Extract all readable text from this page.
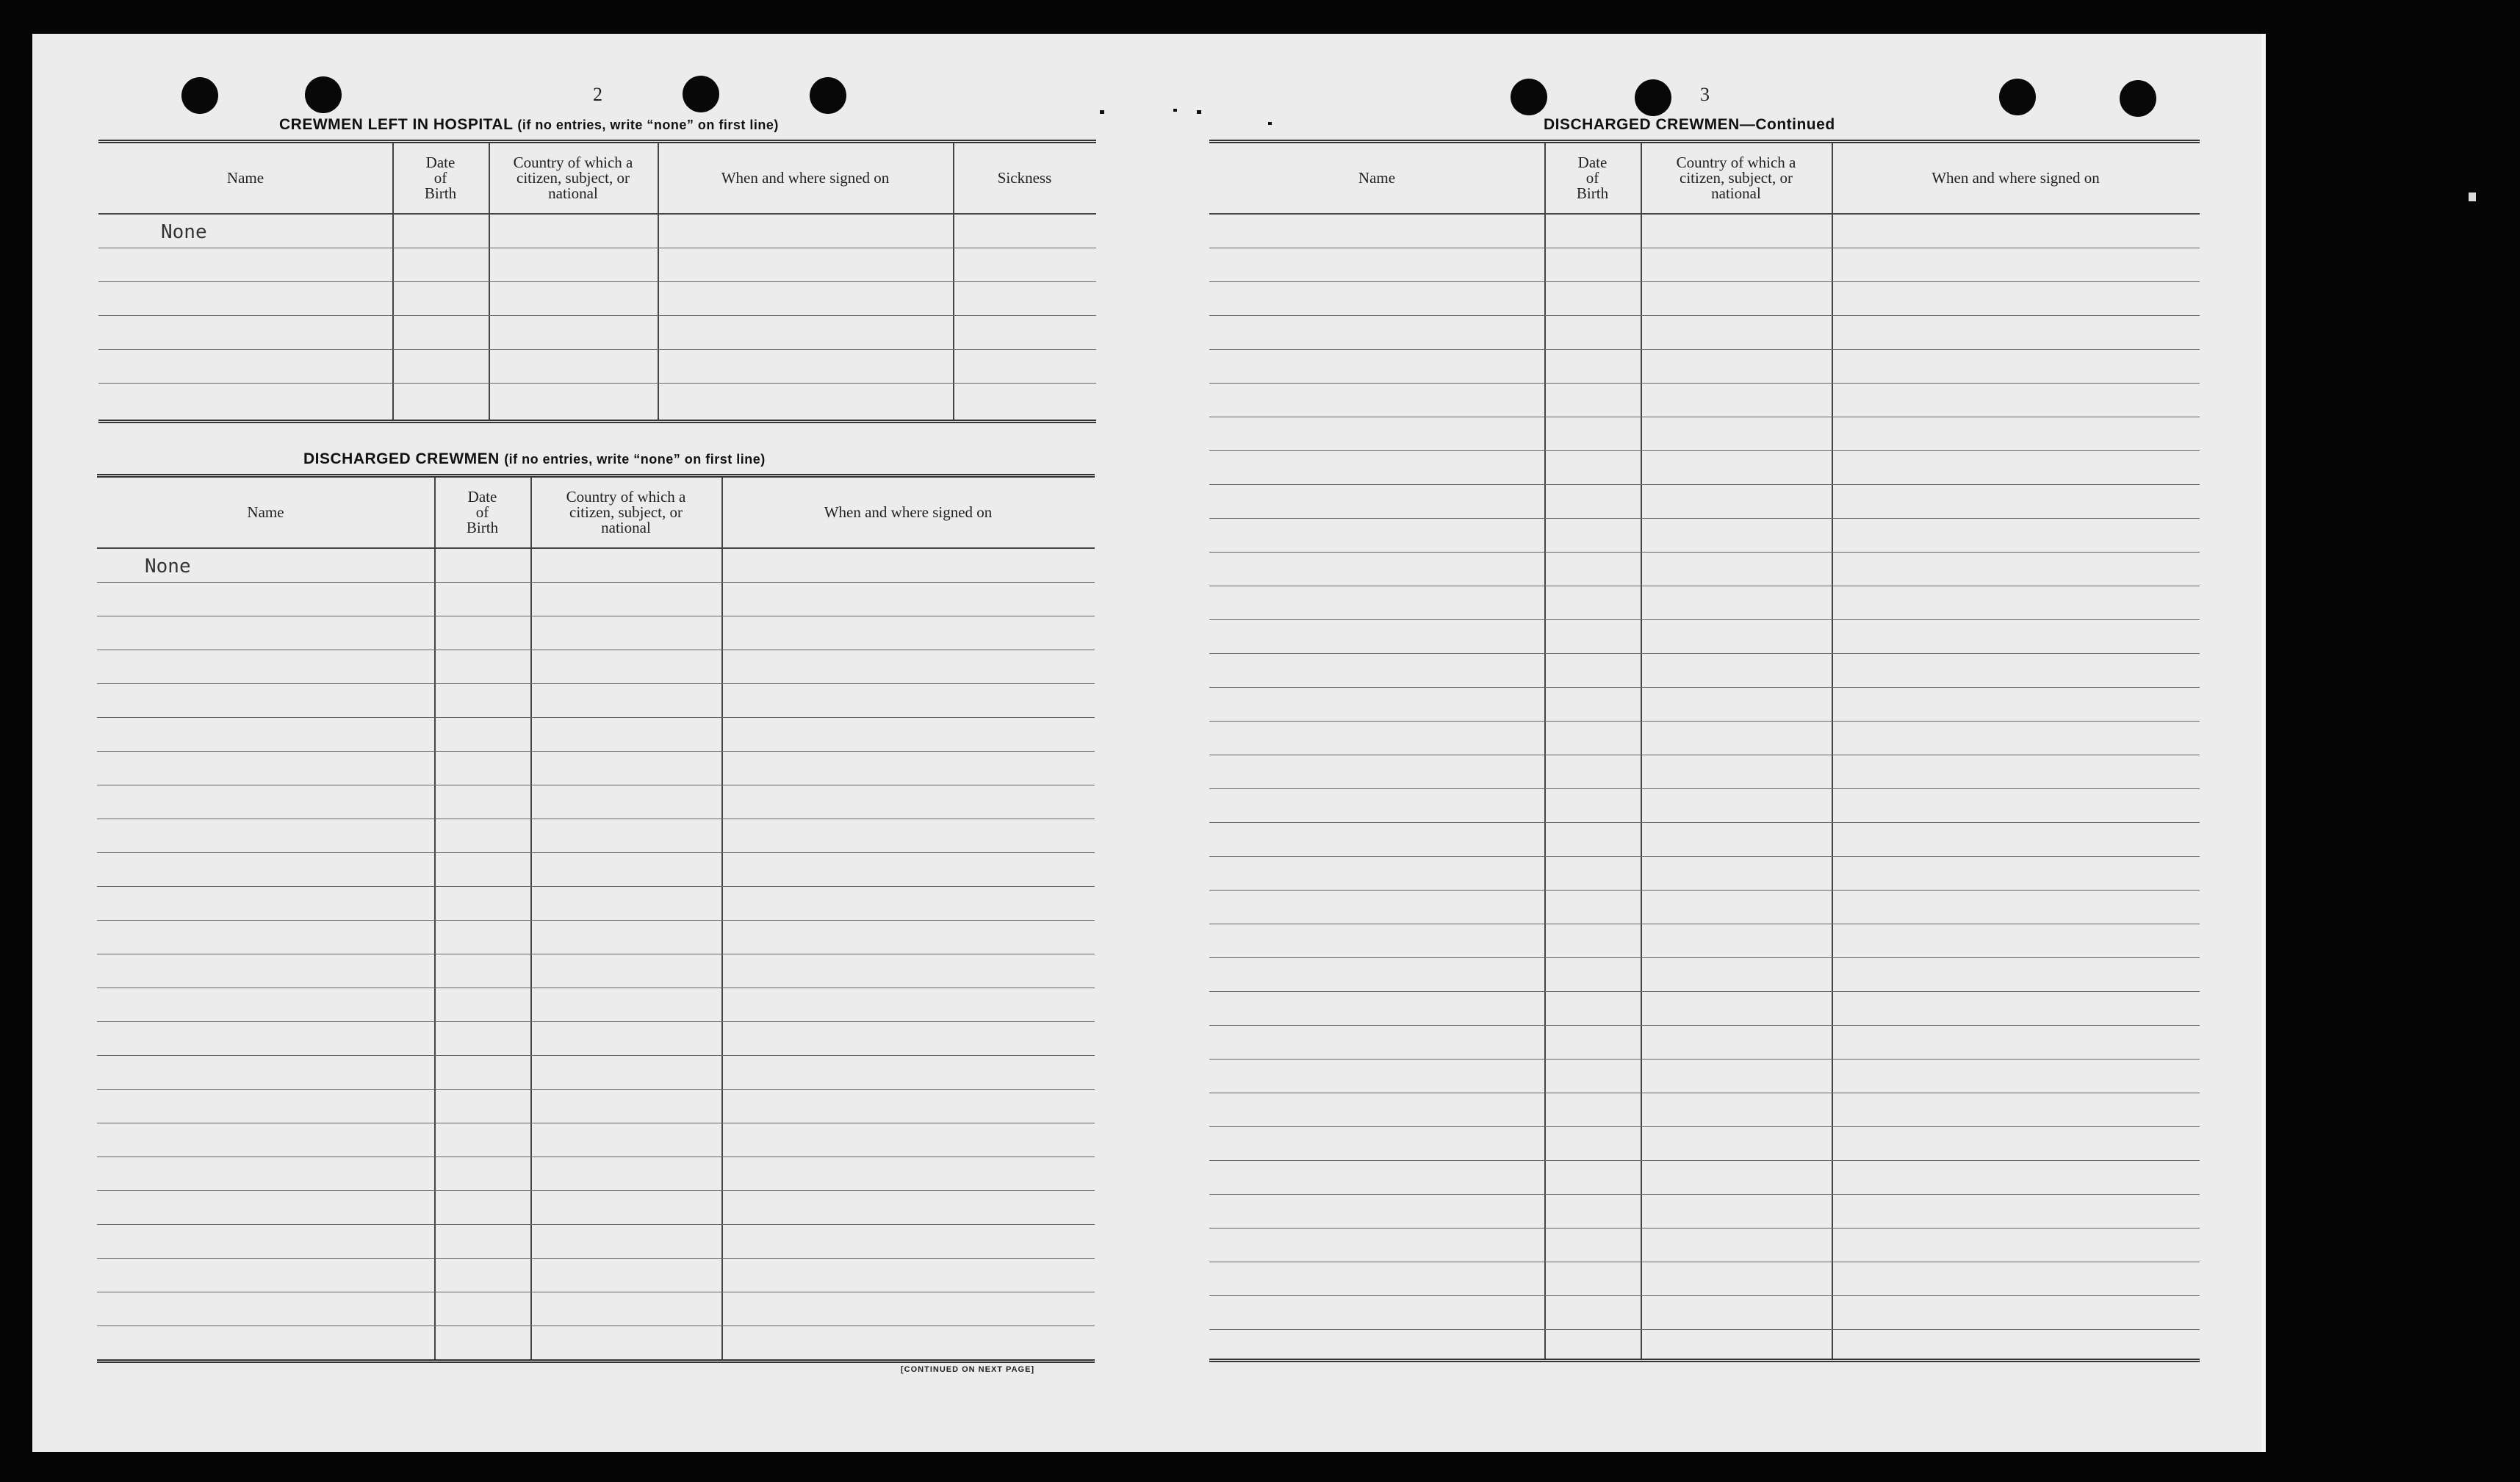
2
CREWMEN LEFT IN HOSPITAL (if no entries, write “none” on first line)
Name
Date
of
Birth
Country of which a
citizen, subject, or
national
When and where signed on	Sickness
None
DISCHARGED CREWMEN (if no entries, write “none” on first line)
Name
Date
of
Birth
Country of which a
citizen, subject, or
national
When and where signed on
None
[CONTINUED ON NEXT PAGE]
3
DISCHARGED CREWMEN—Continued
Name
Date
of
Birth
Country of which a
citizen, subject, or
national
When and where signed on
